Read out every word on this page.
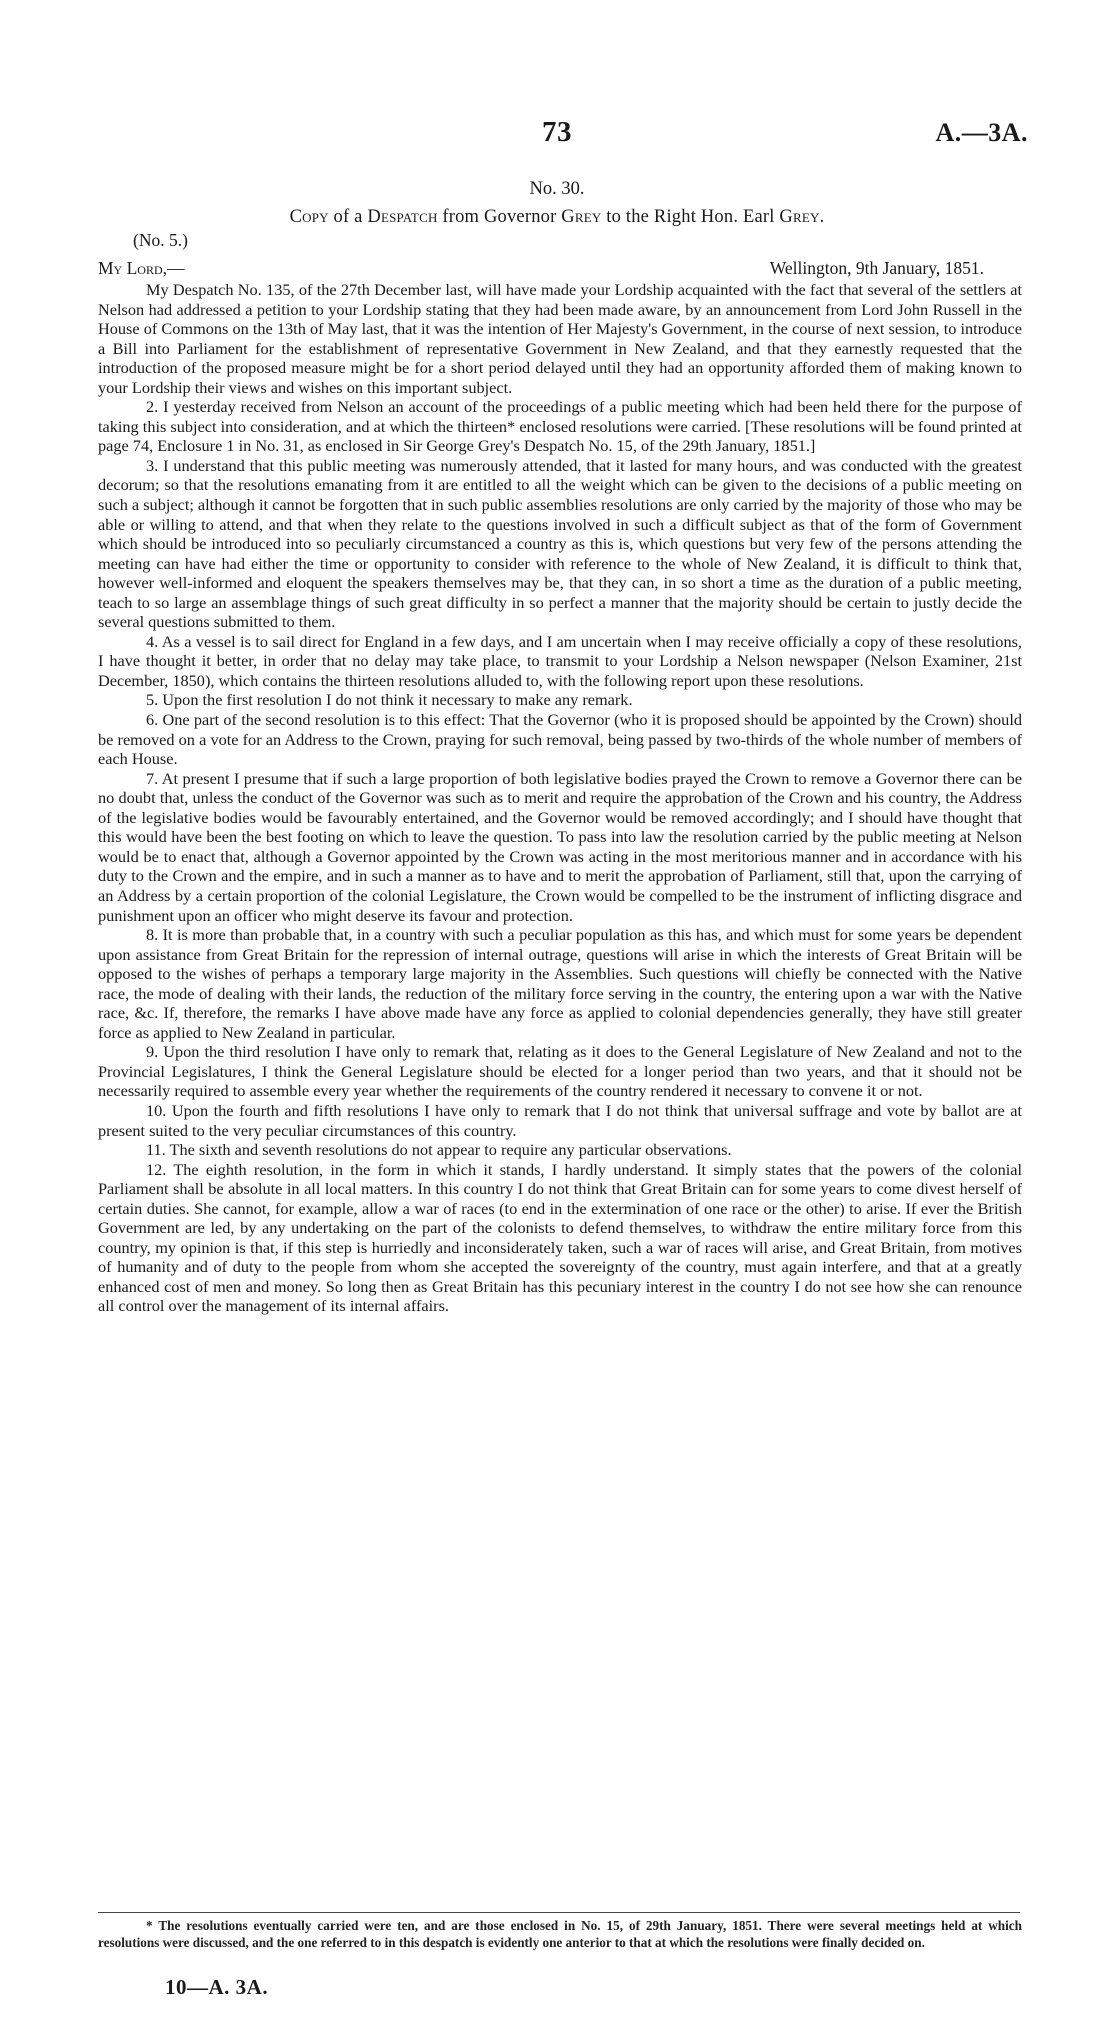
73	A.—3A.
No. 30.
Copy of a Despatch from Governor Grey to the Right Hon. Earl Grey.
(No. 5.)
My Lord,—	Wellington, 9th January, 1851.

My Despatch No. 135, of the 27th December last, will have made your Lordship acquainted with the fact that several of the settlers at Nelson had addressed a petition to your Lordship stating that they had been made aware, by an announcement from Lord John Russell in the House of Commons on the 13th of May last, that it was the intention of Her Majesty's Government, in the course of next session, to introduce a Bill into Parliament for the establishment of representative Government in New Zealand, and that they earnestly requested that the introduction of the proposed measure might be for a short period delayed until they had an opportunity afforded them of making known to your Lordship their views and wishes on this important subject.

2. I yesterday received from Nelson an account of the proceedings of a public meeting which had been held there for the purpose of taking this subject into consideration, and at which the thirteen* enclosed resolutions were carried. [These resolutions will be found printed at page 74, Enclosure 1 in No. 31, as enclosed in Sir George Grey's Despatch No. 15, of the 29th January, 1851.]

3. I understand that this public meeting was numerously attended, that it lasted for many hours, and was conducted with the greatest decorum; so that the resolutions emanating from it are entitled to all the weight which can be given to the decisions of a public meeting on such a subject; although it cannot be forgotten that in such public assemblies resolutions are only carried by the majority of those who may be able or willing to attend, and that when they relate to the questions involved in such a difficult subject as that of the form of Government which should be introduced into so peculiarly circumstanced a country as this is, which questions but very few of the persons attending the meeting can have had either the time or opportunity to consider with reference to the whole of New Zealand, it is difficult to think that, however well-informed and eloquent the speakers themselves may be, that they can, in so short a time as the duration of a public meeting, teach to so large an assemblage things of such great difficulty in so perfect a manner that the majority should be certain to justly decide the several questions submitted to them.

4. As a vessel is to sail direct for England in a few days, and I am uncertain when I may receive officially a copy of these resolutions, I have thought it better, in order that no delay may take place, to transmit to your Lordship a Nelson newspaper (Nelson Examiner, 21st December, 1850), which contains the thirteen resolutions alluded to, with the following report upon these resolutions.

5. Upon the first resolution I do not think it necessary to make any remark.

6. One part of the second resolution is to this effect: That the Governor (who it is proposed should be appointed by the Crown) should be removed on a vote for an Address to the Crown, praying for such removal, being passed by two-thirds of the whole number of members of each House.

7. At present I presume that if such a large proportion of both legislative bodies prayed the Crown to remove a Governor there can be no doubt that, unless the conduct of the Governor was such as to merit and require the approbation of the Crown and his country, the Address of the legislative bodies would be favourably entertained, and the Governor would be removed accordingly; and I should have thought that this would have been the best footing on which to leave the question. To pass into law the resolution carried by the public meeting at Nelson would be to enact that, although a Governor appointed by the Crown was acting in the most meritorious manner and in accordance with his duty to the Crown and the empire, and in such a manner as to have and to merit the approbation of Parliament, still that, upon the carrying of an Address by a certain proportion of the colonial Legislature, the Crown would be compelled to be the instrument of inflicting disgrace and punishment upon an officer who might deserve its favour and protection.

8. It is more than probable that, in a country with such a peculiar population as this has, and which must for some years be dependent upon assistance from Great Britain for the repression of internal outrage, questions will arise in which the interests of Great Britain will be opposed to the wishes of perhaps a temporary large majority in the Assemblies. Such questions will chiefly be connected with the Native race, the mode of dealing with their lands, the reduction of the military force serving in the country, the entering upon a war with the Native race, &c. If, therefore, the remarks I have above made have any force as applied to colonial dependencies generally, they have still greater force as applied to New Zealand in particular.

9. Upon the third resolution I have only to remark that, relating as it does to the General Legislature of New Zealand and not to the Provincial Legislatures, I think the General Legislature should be elected for a longer period than two years, and that it should not be necessarily required to assemble every year whether the requirements of the country rendered it necessary to convene it or not.

10. Upon the fourth and fifth resolutions I have only to remark that I do not think that universal suffrage and vote by ballot are at present suited to the very peculiar circumstances of this country.

11. The sixth and seventh resolutions do not appear to require any particular observations.

12. The eighth resolution, in the form in which it stands, I hardly understand. It simply states that the powers of the colonial Parliament shall be absolute in all local matters. In this country I do not think that Great Britain can for some years to come divest herself of certain duties. She cannot, for example, allow a war of races (to end in the extermination of one race or the other) to arise. If ever the British Government are led, by any undertaking on the part of the colonists to defend themselves, to withdraw the entire military force from this country, my opinion is that, if this step is hurriedly and inconsiderately taken, such a war of races will arise, and Great Britain, from motives of humanity and of duty to the people from whom she accepted the sovereignty of the country, must again interfere, and that at a greatly enhanced cost of men and money. So long then as Great Britain has this pecuniary interest in the country I do not see how she can renounce all control over the management of its internal affairs.

* The resolutions eventually carried were ten, and are those enclosed in No. 15, of 29th January, 1851. There were several meetings held at which resolutions were discussed, and the one referred to in this despatch is evidently one anterior to that at which the resolutions were finally decided on.

10—A. 3A.
